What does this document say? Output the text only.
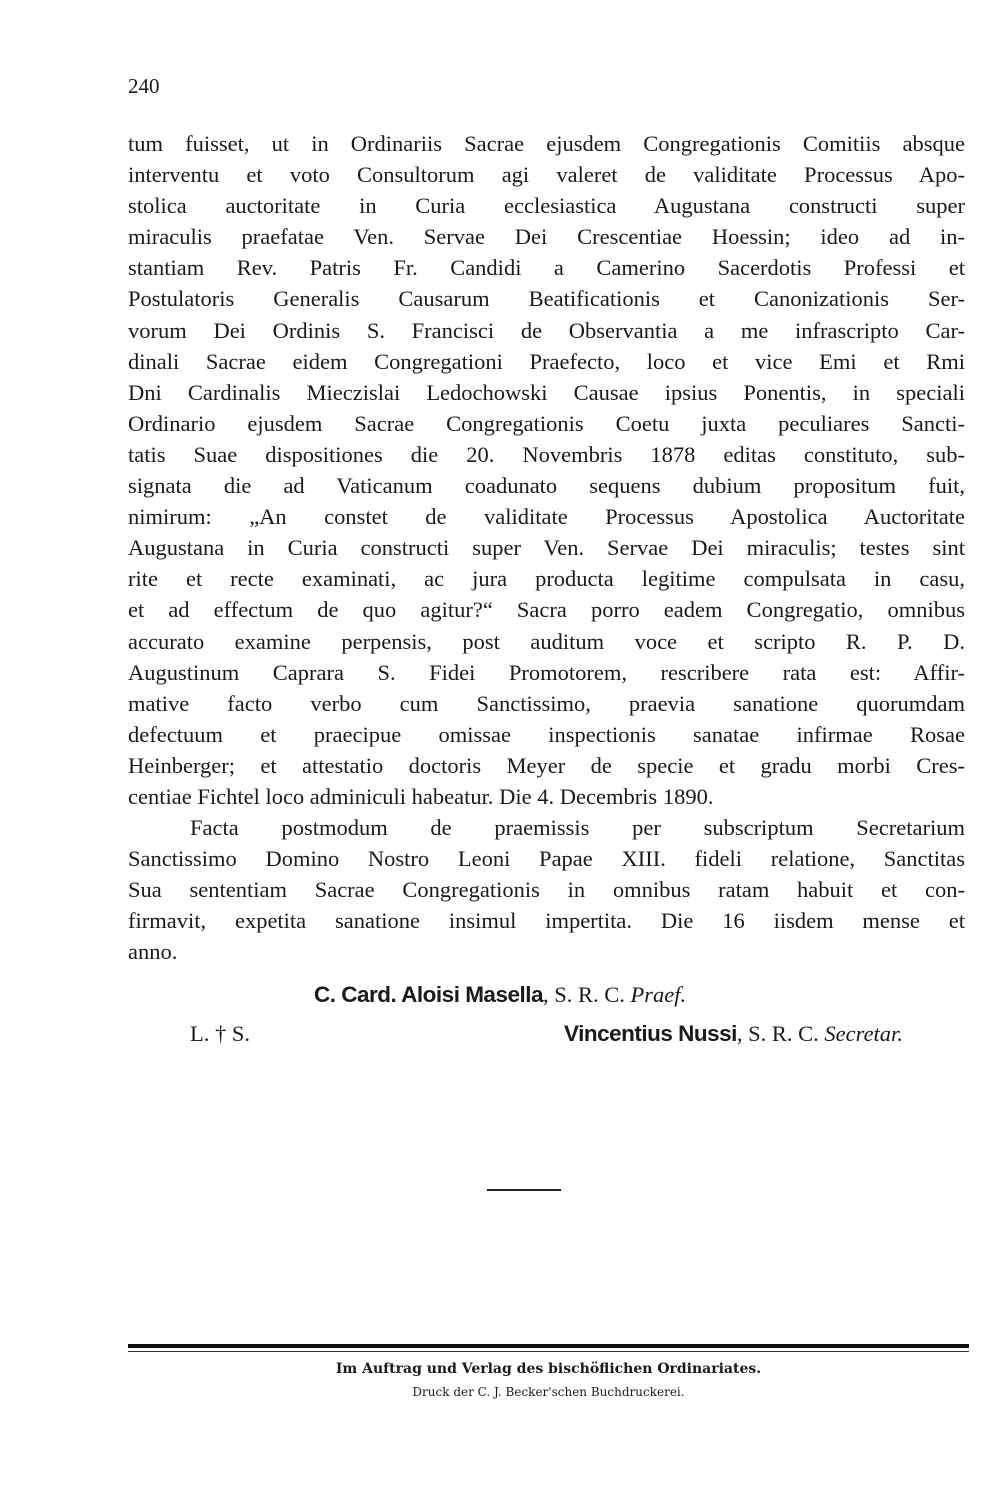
240
tum fuisset, ut in Ordinariis Sacrae ejusdem Congregationis Comitiis absque
interventu et voto Consultorum agi valeret de validitate Processus Apo-
stolica auctoritate in Curia ecclesiastica Augustana constructi super
miraculis praefatae Ven. Servae Dei Crescentiae Hoessin; ideo ad in-
stantiam Rev. Patris Fr. Candidi a Camerino Sacerdotis Professi et
Postulatoris Generalis Causarum Beatificationis et Canonizationis Ser-
vorum Dei Ordinis S. Francisci de Observantia a me infrascripto Car-
dinali Sacrae eidem Congregationi Praefecto, loco et vice Emi et Rmi
Dni Cardinalis Mieczislai Ledochowski Causae ipsius Ponentis, in speciali
Ordinario ejusdem Sacrae Congregationis Coetu juxta peculiares Sancti-
tatis Suae dispositiones die 20. Novembris 1878 editas constituto, sub-
signata die ad Vaticanum coadunato sequens dubium propositum fuit,
nimirum: „An constet de validitate Processus Apostolica Auctoritate
Augustana in Curia constructi super Ven. Servae Dei miraculis; testes sint
rite et recte examinati, ac jura producta legitime compulsata in casu,
et ad effectum de quo agitur?“ Sacra porro eadem Congregatio, omnibus
accurato examine perpensis, post auditum voce et scripto R. P. D.
Augustinum Caprara S. Fidei Promotorem, rescribere rata est: Affir-
mative facto verbo cum Sanctissimo, praevia sanatione quorumdam
defectuum et praecipue omissae inspectionis sanatae infirmae Rosae
Heinberger; et attestatio doctoris Meyer de specie et gradu morbi Cres-
centiae Fichtel loco adminiculi habeatur. Die 4. Decembris 1890.
Facta postmodum de praemissis per subscriptum Secretarium
Sanctissimo Domino Nostro Leoni Papae XIII. fideli relatione, Sanctitas
Sua sententiam Sacrae Congregationis in omnibus ratam habuit et con-
firmavit, expetita sanatione insimul impertita. Die 16 iisdem mense et
anno.
C. Card. Aloisi Masella, S. R. C. Praef.
L. † S.	Vincentius Nussi, S. R. C. Secretar.
Im Auftrag und Verlag des bischöflichen Ordinariates.
Druck der C. J. Becker'schen Buchdruckerei.
